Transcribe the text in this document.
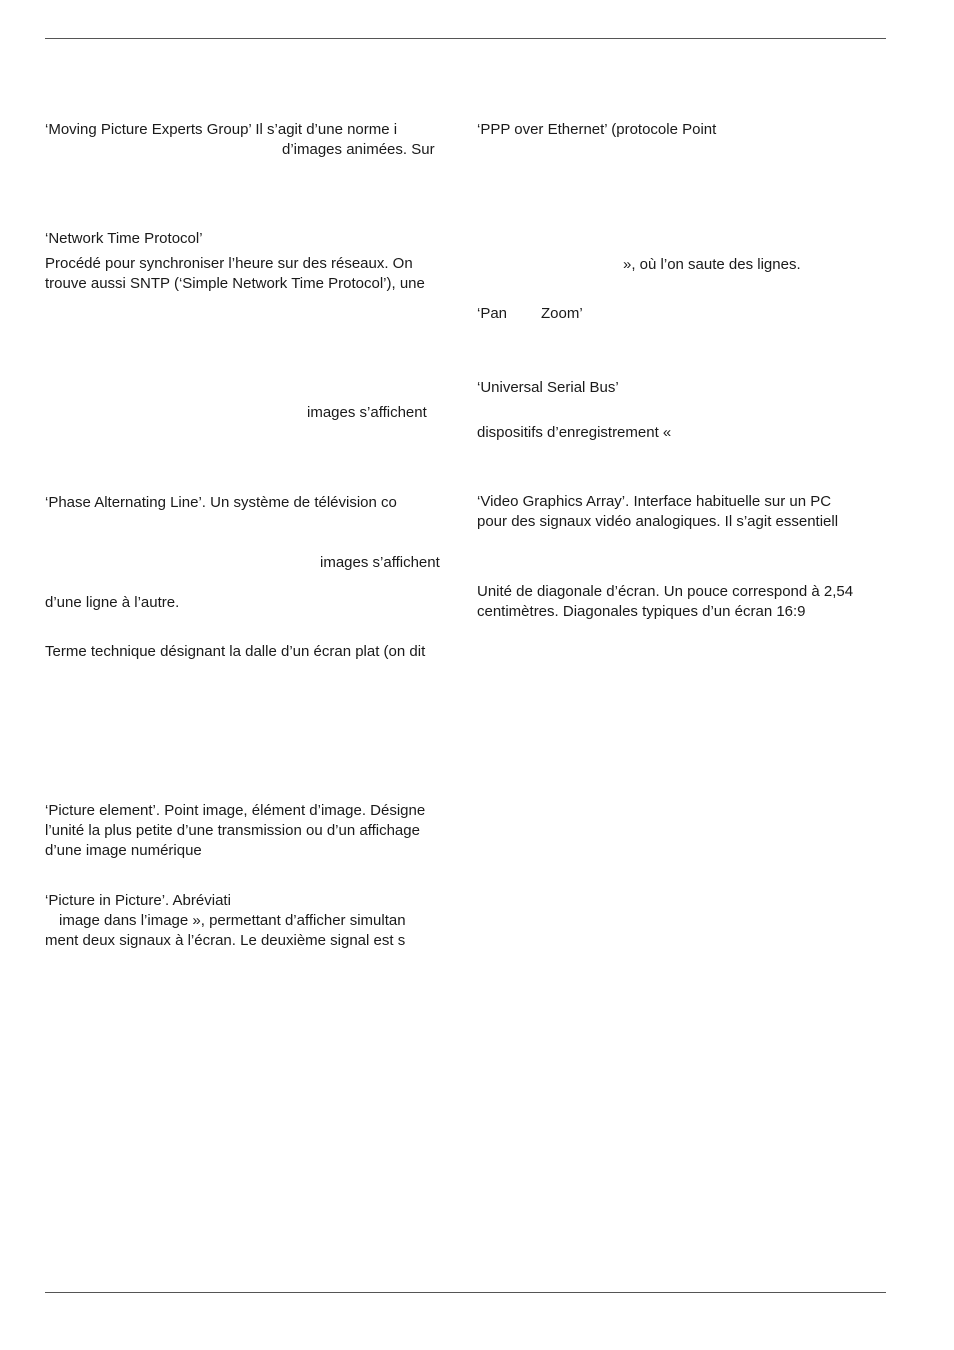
‘Moving Picture Experts Group’ Il s’agit d’une norme i
d’images animées. Sur
‘Network Time Protocol’
Procédé pour synchroniser l’heure sur des réseaux. On
trouve aussi SNTP (‘Simple Network Time Protocol’), une
images s’affichent
‘Phase Alternating Line’. Un système de télévision co
images s’affichent
d’une ligne à l’autre.
Terme technique désignant la dalle d’un écran plat (on dit
‘Picture element’. Point image, élément d’image. Désigne
l’unité la plus petite d’une transmission ou d’un affichage
d’une image numérique
‘Picture in Picture’. Abréviati
image dans l’image », permettant d’afficher simultan
ment deux signaux à l’écran. Le deuxième signal est s
‘PPP over Ethernet’ (protocole Point
», où l’on saute des lignes.
‘Pan Zoom’
‘Universal Serial Bus’
dispositifs d’enregistrement «
‘Video Graphics Array’. Interface habituelle sur un PC
pour des signaux vidéo analogiques. Il s’agit essentiell
Unité de diagonale d’écran. Un pouce correspond à 2,54
centimètres. Diagonales typiques d’un écran 16:9
